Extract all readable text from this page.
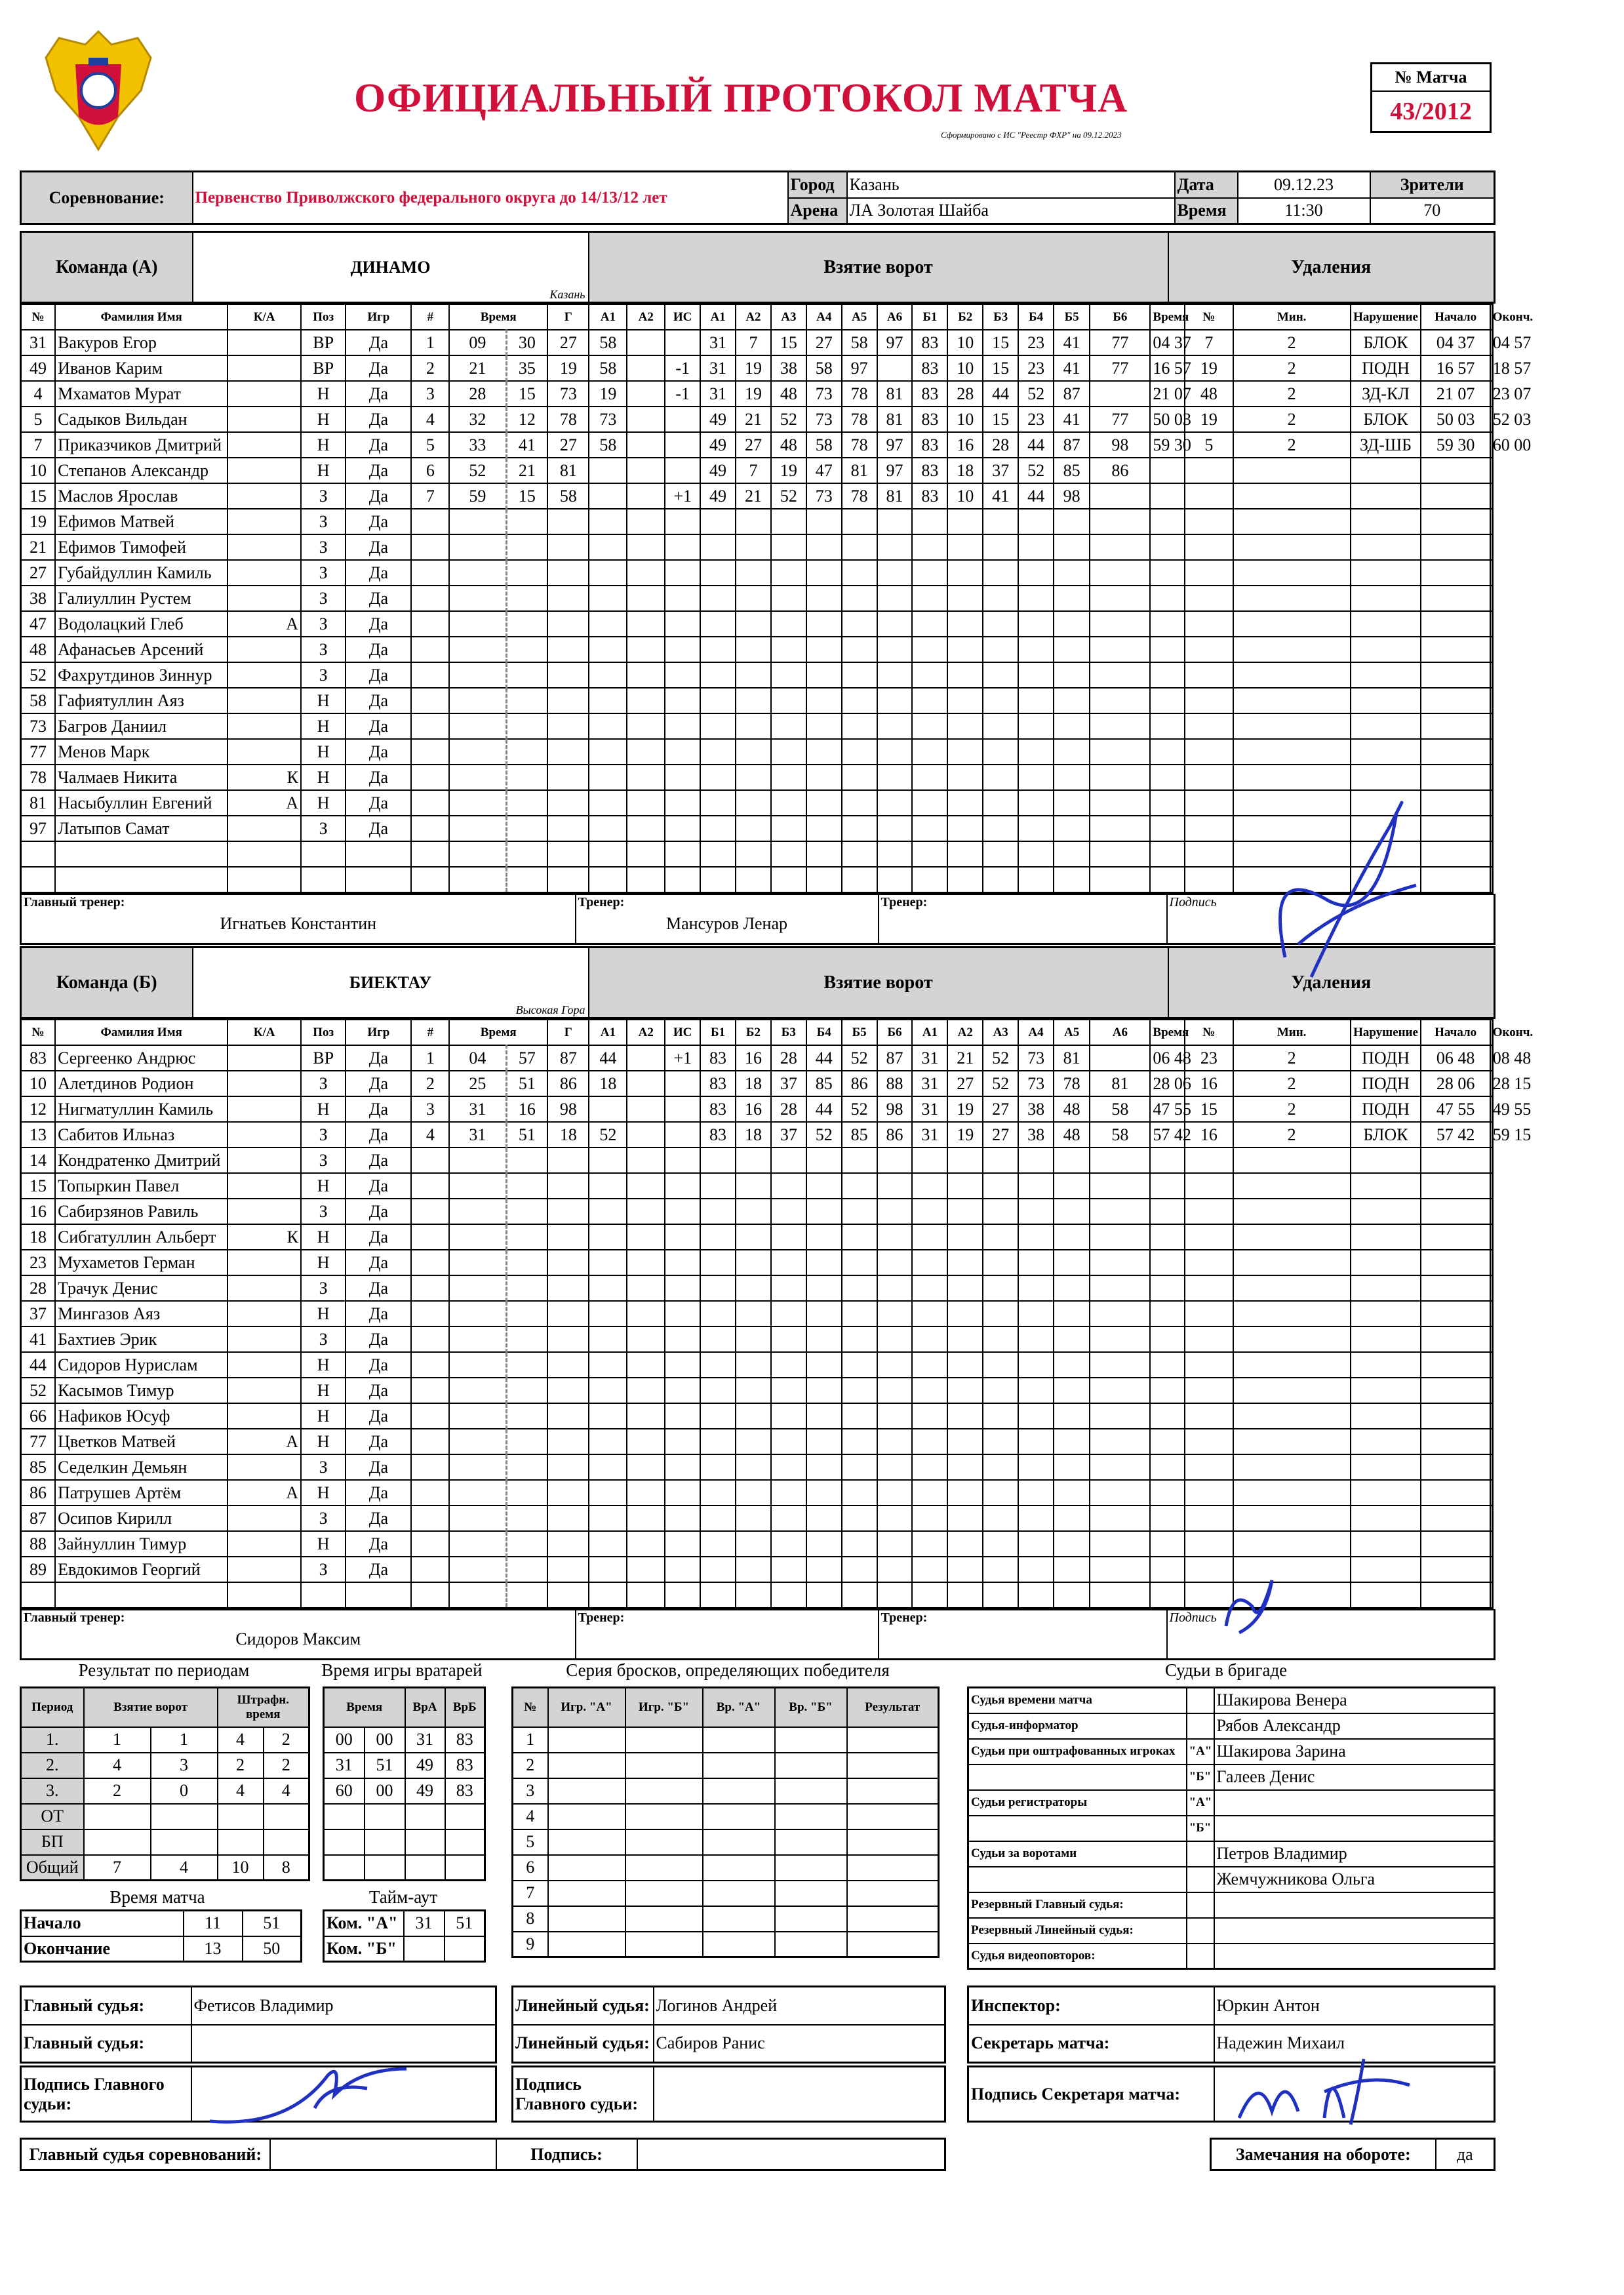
ОФИЦИАЛЬНЫЙ ПРОТОКОЛ МАТЧА
Сформировано с ИС "Реестр ФХР" на 09.12.2023
№ Матча
43/2012
Соревнование:	Первенство Приволжского федерального округа до 14/13/12 лет	Город	Казань	Дата	09.12.23	Зрители
		Арена	ЛА Золотая Шайба	Время	11:30	70
Команда (А)	ДИНАМО
Казань
	Взятие ворот	Удаления
№	Фамилия Имя	К/А	Поз	Игр	#	Время		Г	А1	А2	ИС	А1	А2	А3	А4	А5	А6	Б1	Б2	Б3	Б4	Б5	Б6	Время	№	Мин.	Нарушение	Начало	Оконч.
31	Вакуров Егор		ВР	Да	1	09	30	27	58			31	7	15	27	58	97	83	10	15	23	41	77	04 37	7	2	БЛОК	04 37	04 57
49	Иванов Карим		ВР	Да	2	21	35	19	58		-1	31	19	38	58	97		83	10	15	23	41	77	16 57	19	2	ПОДН	16 57	18 57
4	Мхаматов Мурат		Н	Да	3	28	15	73	19		-1	31	19	48	73	78	81	83	28	44	52	87		21 07	48	2	ЗД-КЛ	21 07	23 07
5	Садыков Вильдан		Н	Да	4	32	12	78	73			49	21	52	73	78	81	83	10	15	23	41	77	50 03	19	2	БЛОК	50 03	52 03
7	Приказчиков Дмитрий		Н	Да	5	33	41	27	58			49	27	48	58	78	97	83	16	28	44	87	98	59 30	5	2	ЗД-ШБ	59 30	60 00
10	Степанов Александр		Н	Да	6	52	21	81				49	7	19	47	81	97	83	18	37	52	85	86						
15	Маслов Ярослав		З	Да	7	59	15	58			+1	49	21	52	73	78	81	83	10	41	44	98							
19	Ефимов Матвей		З	Да																									
21	Ефимов Тимофей		З	Да																									
27	Губайдуллин Камиль		З	Да																									
38	Галиуллин Рустем		З	Да																									
47	Водолацкий Глеб	А	З	Да																									
48	Афанасьев Арсений		З	Да																									
52	Фахрутдинов Зиннур		З	Да																									
58	Гафиятуллин Аяз		Н	Да																									
73	Багров Даниил		Н	Да																									
77	Менов Марк		Н	Да																									
78	Чалмаев Никита	К	Н	Да																									
81	Насыбуллин Евгений	А	Н	Да																									
97	Латыпов Самат		З	Да																									

Главный тренер:
Игнатьев Константин

Тренер:
Мансуров Ленар

Тренер:	Подпись
Команда (Б)	БИЕКТАУ
Высокая Гора
	Взятие ворот	Удаления
№	Фамилия Имя	К/А	Поз	Игр	#	Время		Г	А1	А2	ИС	Б1	Б2	Б3	Б4	Б5	Б6	А1	А2	А3	А4	А5	А6	Время	№	Мин.	Нарушение	Начало	Оконч.
83	Сергеенко Андрюс		ВР	Да	1	04	57	87	44		+1	83	16	28	44	52	87	31	21	52	73	81		06 48	23	2	ПОДН	06 48	08 48
10	Алетдинов Родион		З	Да	2	25	51	86	18			83	18	37	85	86	88	31	27	52	73	78	81	28 06	16	2	ПОДН	28 06	28 15
12	Нигматуллин Камиль		Н	Да	3	31	16	98				83	16	28	44	52	98	31	19	27	38	48	58	47 55	15	2	ПОДН	47 55	49 55
13	Сабитов Ильназ		З	Да	4	31	51	18	52			83	18	37	52	85	86	31	19	27	38	48	58	57 42	16	2	БЛОК	57 42	59 15
14	Кондратенко Дмитрий		З	Да																									
15	Топыркин Павел		Н	Да																									
16	Сабирзянов Равиль		З	Да																									
18	Сибгатуллин Альберт	К	Н	Да																									
23	Мухаметов Герман		Н	Да																									
28	Трачук Денис		З	Да																									
37	Мингазов Аяз		Н	Да																									
41	Бахтиев Эрик		З	Да																									
44	Сидоров Нурислам		Н	Да																									
52	Касымов Тимур		Н	Да																									
66	Нафиков Юсуф		Н	Да																									
77	Цветков Матвей	А	Н	Да																									
85	Седелкин Демьян		З	Да																									
86	Патрушев Артём	А	Н	Да																									
87	Осипов Кирилл		З	Да																									
88	Зайнуллин Тимур		Н	Да																									
89	Евдокимов Георгий		З	Да																									

Главный тренер:
Сидоров Максим

Тренер:	Тренер:	Подпись
Результат по периодам
Период	Взятие ворот		Штрафн. время	
1.	1	1	4	2
2.	4	3	2	2
3.	2	0	4	4
ОТ				
БП				
Общий	7	4	10	8
Время игры вратарей
Время		ВрА	ВрБ
00	00	31	83
31	51	49	83
60	00	49	83

Время матча
Начало	11	51
Окончание	13	50
Тайм-аут
Ком. "А"	31	51
Ком. "Б"		
Серия бросков, определяющих победителя
№	Игр. "А"	Игр. "Б"	Вр. "А"	Вр. "Б"	Результат
1					
2					
3					
4					
5					
6					
7					
8					
9					
Судьи в бригаде
Судья времени матча		Шакирова Венера
Судья-информатор		Рябов Александр
Судьи при оштрафованных игроках	"А"	Шакирова Зарина
	"Б"	Галеев Денис
Судьи регистраторы	"А"	
	"Б"	
Судьи за воротами		Петров Владимир
		Жемчужникова Ольга
Резервный Главный судья:		
Резервный Линейный судья:		
Судья видеоповторов:		
Главный судья:	Фетисов Владимир
Главный судья:	
Линейный судья:	Логинов Андрей
Линейный судья:	Сабиров Ранис
Инспектор:	Юркин Антон
Секретарь матча:	Надежин Михаил
Подпись Главного судьи:	
Подпись Главного судьи:	
Подпись Секретаря матча:	
Главный судья соревнований:		Подпись:		Замечания на обороте:	да
